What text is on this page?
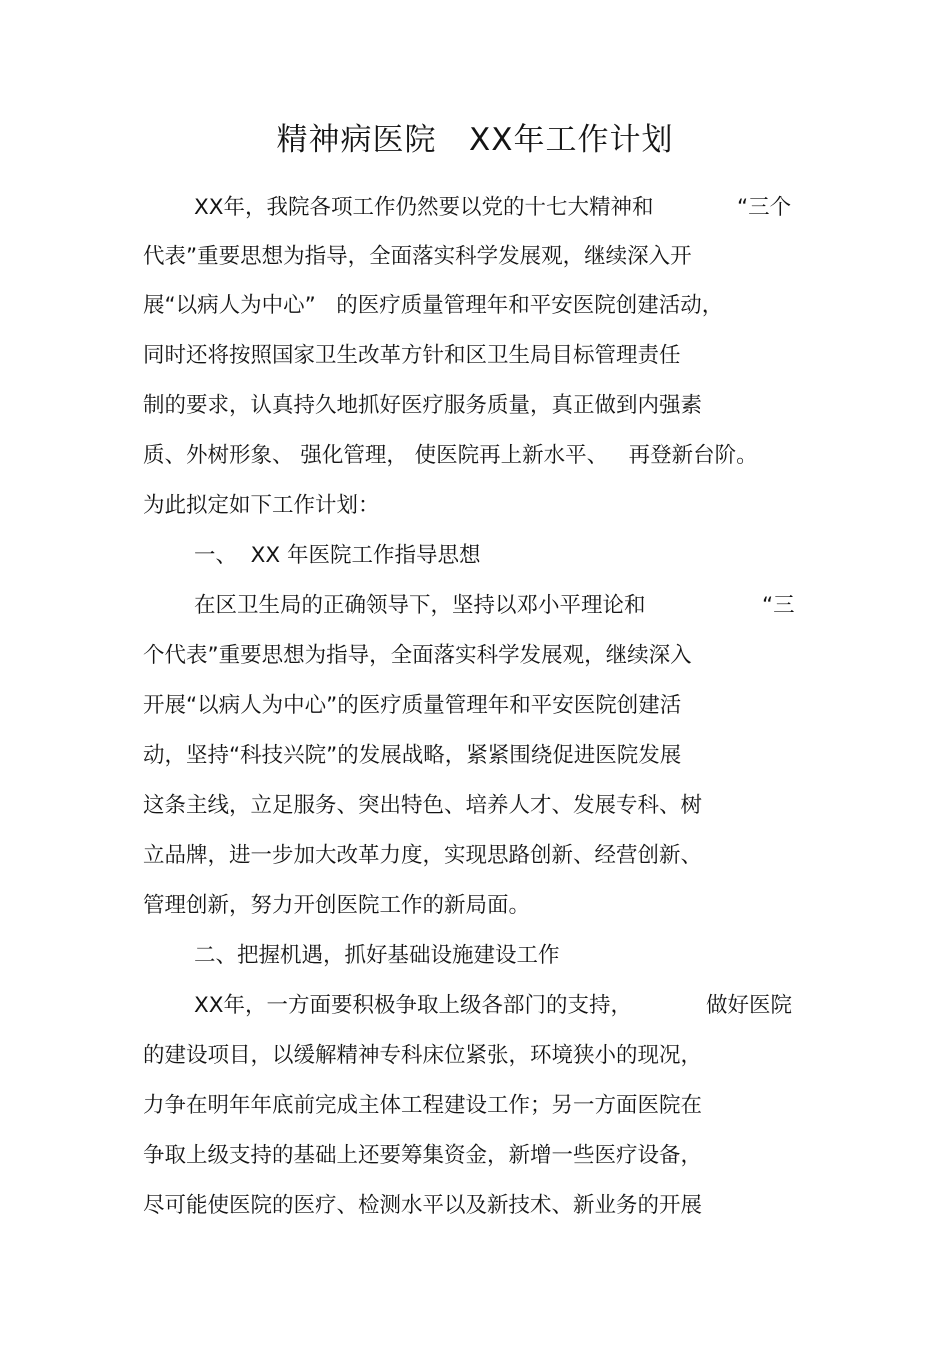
精神病医院   XX年工作计划
XX年，我院各项工作仍然要以党的十七大精神和	“三个
代表”重要思想为指导，全面落实科学发展观，继续深入开
展“以病人为中心”   的医疗质量管理年和平安医院创建活动，
同时还将按照国家卫生改革方针和区卫生局目标管理责任
制的要求，认真持久地抓好医疗服务质量，真正做到内强素
质、外树形象、 强化管理， 使医院再上新水平、   再登新台阶。
为此拟定如下工作计划：
一、  XX 年医院工作指导思想
在区卫生局的正确领导下，坚持以邓小平理论和	“三
个代表”重要思想为指导，全面落实科学发展观，继续深入
开展“以病人为中心”的医疗质量管理年和平安医院创建活
动，坚持“科技兴院”的发展战略，紧紧围绕促进医院发展
这条主线，立足服务、突出特色、培养人才、发展专科、树
立品牌，进一步加大改革力度，实现思路创新、经营创新、
管理创新，努力开创医院工作的新局面。
二、把握机遇，抓好基础设施建设工作
XX年，一方面要积极争取上级各部门的支持，	做好医院
的建设项目，以缓解精神专科床位紧张，环境狭小的现况，
力争在明年年底前完成主体工程建设工作；另一方面医院在
争取上级支持的基础上还要筹集资金，新增一些医疗设备，
尽可能使医院的医疗、检测水平以及新技术、新业务的开展
